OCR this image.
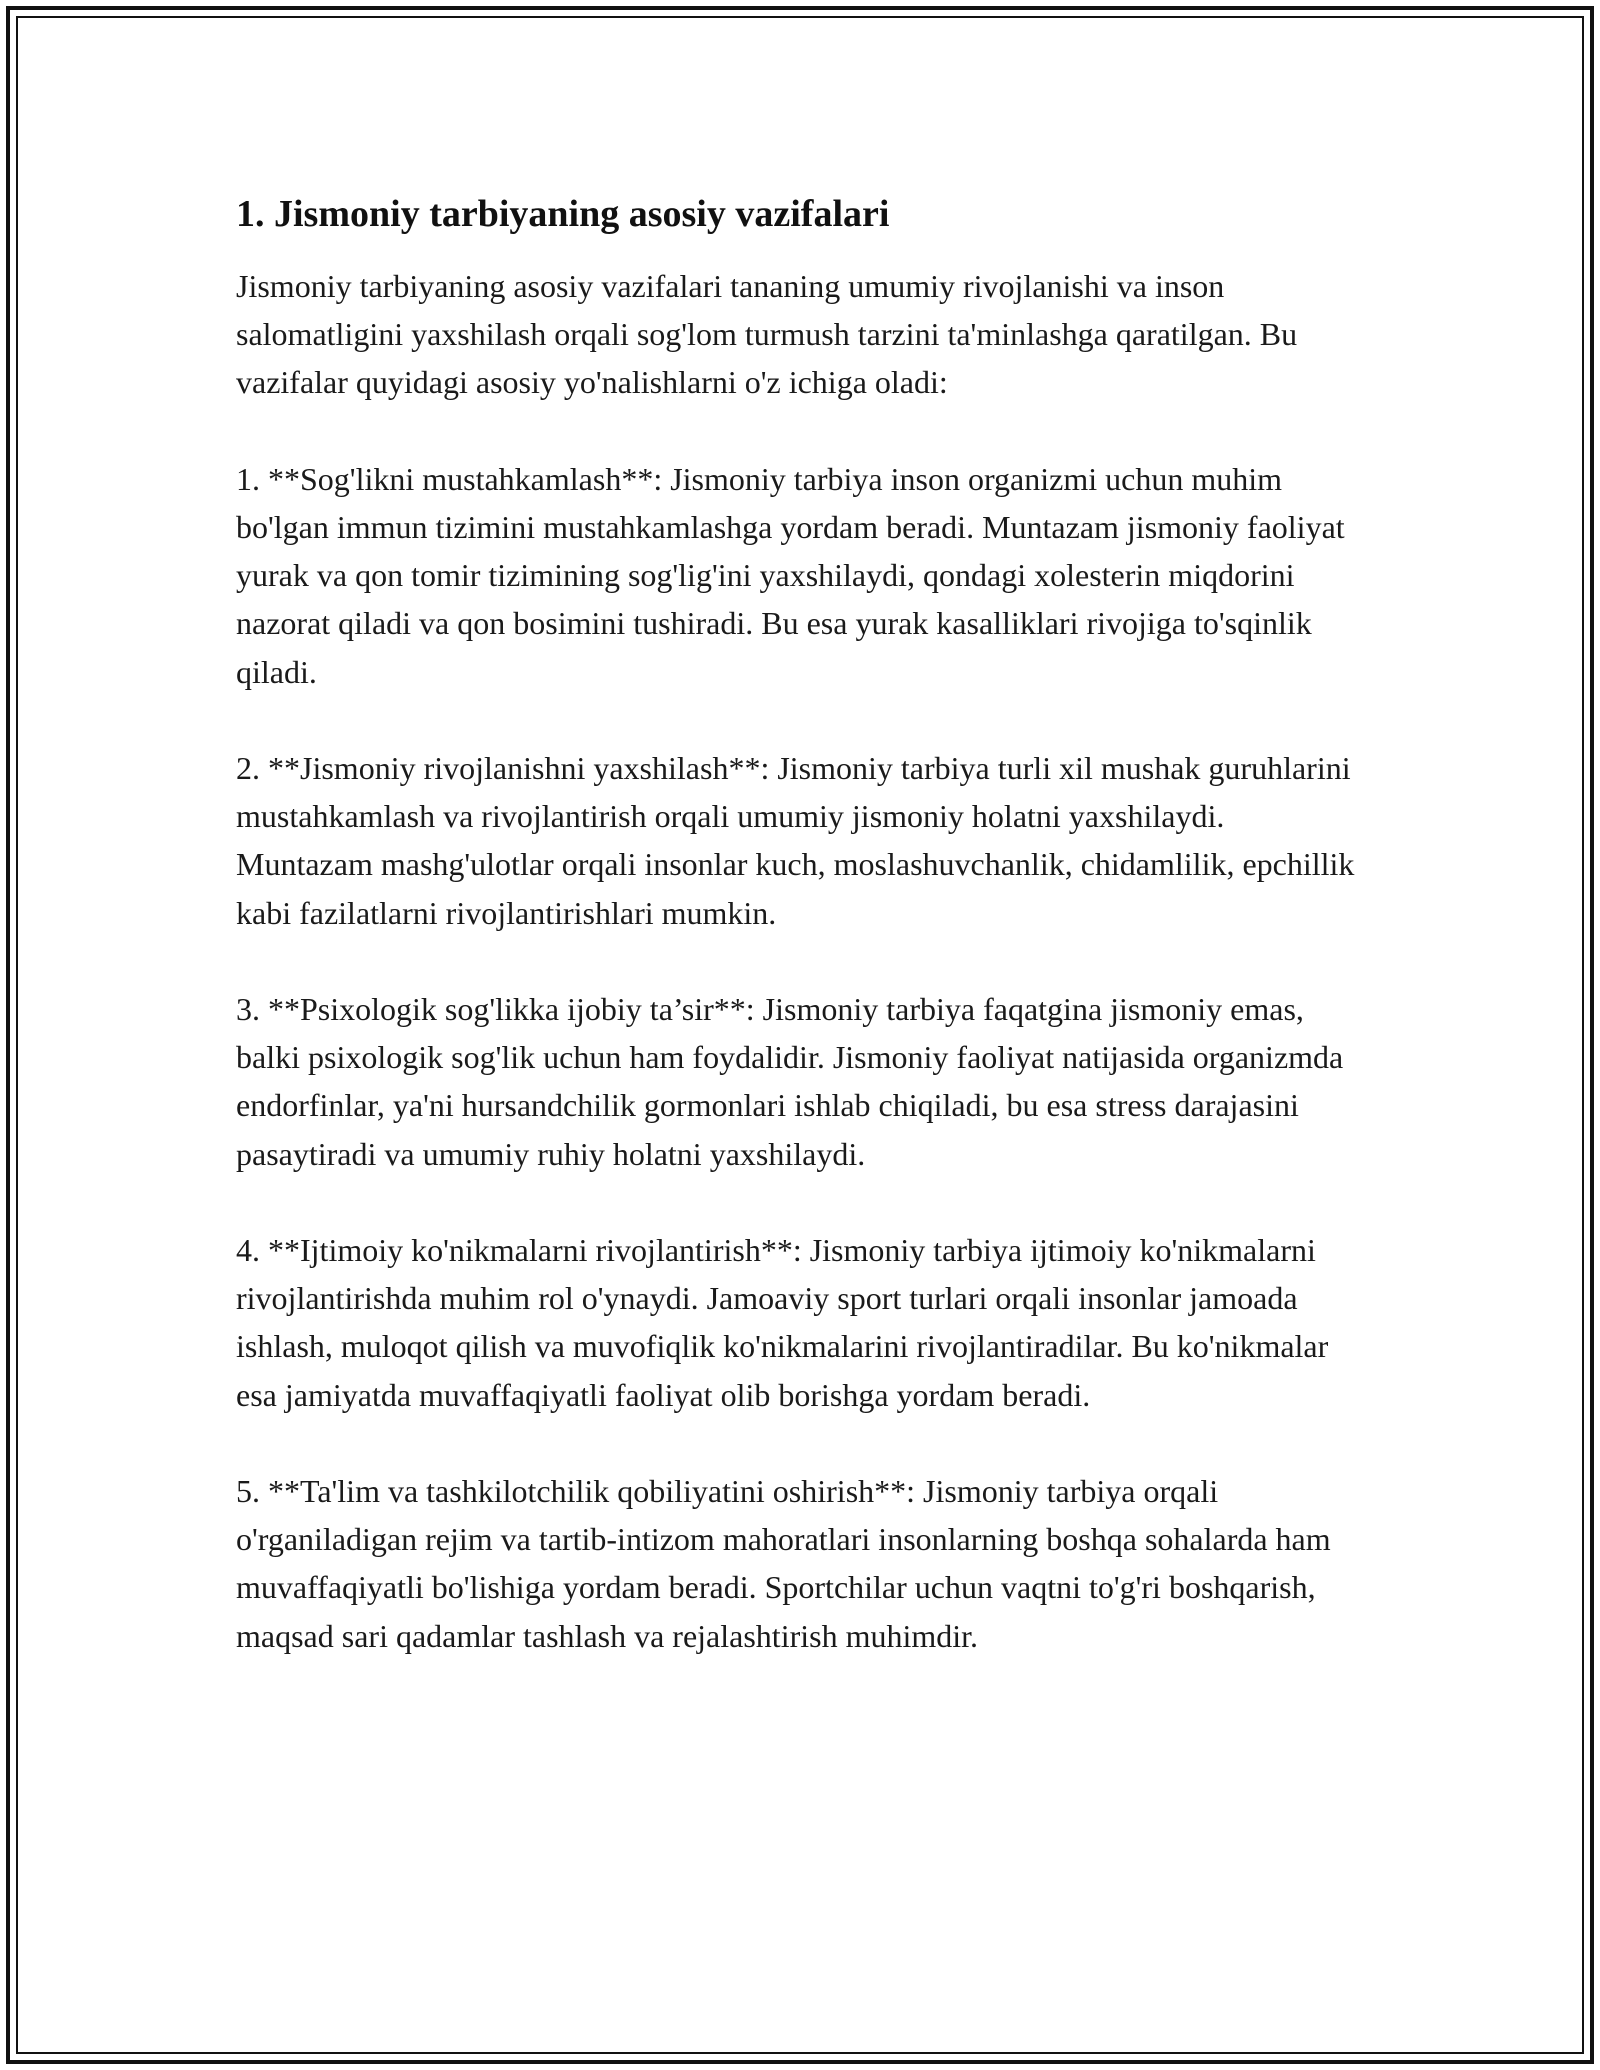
1. Jismoniy tarbiyaning asosiy vazifalari

Jismoniy tarbiyaning asosiy vazifalari tananing umumiy rivojlanishi va inson salomatligini yaxshilash orqali sog'lom turmush tarzini ta'minlashga qaratilgan. Bu vazifalar quyidagi asosiy yo'nalishlarni o'z ichiga oladi:

1. **Sog'likni mustahkamlash**: Jismoniy tarbiya inson organizmi uchun muhim bo'lgan immun tizimini mustahkamlashga yordam beradi. Muntazam jismoniy faoliyat yurak va qon tomir tizimining sog'lig'ini yaxshilaydi, qondagi xolesterin miqdorini nazorat qiladi va qon bosimini tushiradi. Bu esa yurak kasalliklari rivojiga to'sqinlik qiladi.

2. **Jismoniy rivojlanishni yaxshilash**: Jismoniy tarbiya turli xil mushak guruhlarini mustahkamlash va rivojlantirish orqali umumiy jismoniy holatni yaxshilaydi. Muntazam mashg'ulotlar orqali insonlar kuch, moslashuvchanlik, chidamlilik, epchillik kabi fazilatlarni rivojlantirishlari mumkin.

3. **Psixologik sog'likka ijobiy ta’sir**: Jismoniy tarbiya faqatgina jismoniy emas, balki psixologik sog'lik uchun ham foydalidir. Jismoniy faoliyat natijasida organizmda endorfinlar, ya'ni hursandchilik gormonlari ishlab chiqiladi, bu esa stress darajasini pasaytiradi va umumiy ruhiy holatni yaxshilaydi.

4. **Ijtimoiy ko'nikmalarni rivojlantirish**: Jismoniy tarbiya ijtimoiy ko'nikmalarni rivojlantirishda muhim rol o'ynaydi. Jamoaviy sport turlari orqali insonlar jamoada ishlash, muloqot qilish va muvofiqlik ko'nikmalarini rivojlantiradilar. Bu ko'nikmalar esa jamiyatda muvaffaqiyatli faoliyat olib borishga yordam beradi.

5. **Ta'lim va tashkilotchilik qobiliyatini oshirish**: Jismoniy tarbiya orqali o'rganiladigan rejim va tartib-intizom mahoratlari insonlarning boshqa sohalarda ham muvaffaqiyatli bo'lishiga yordam beradi. Sportchilar uchun vaqtni to'g'ri boshqarish, maqsad sari qadamlar tashlash va rejalashtirish muhimdir.
